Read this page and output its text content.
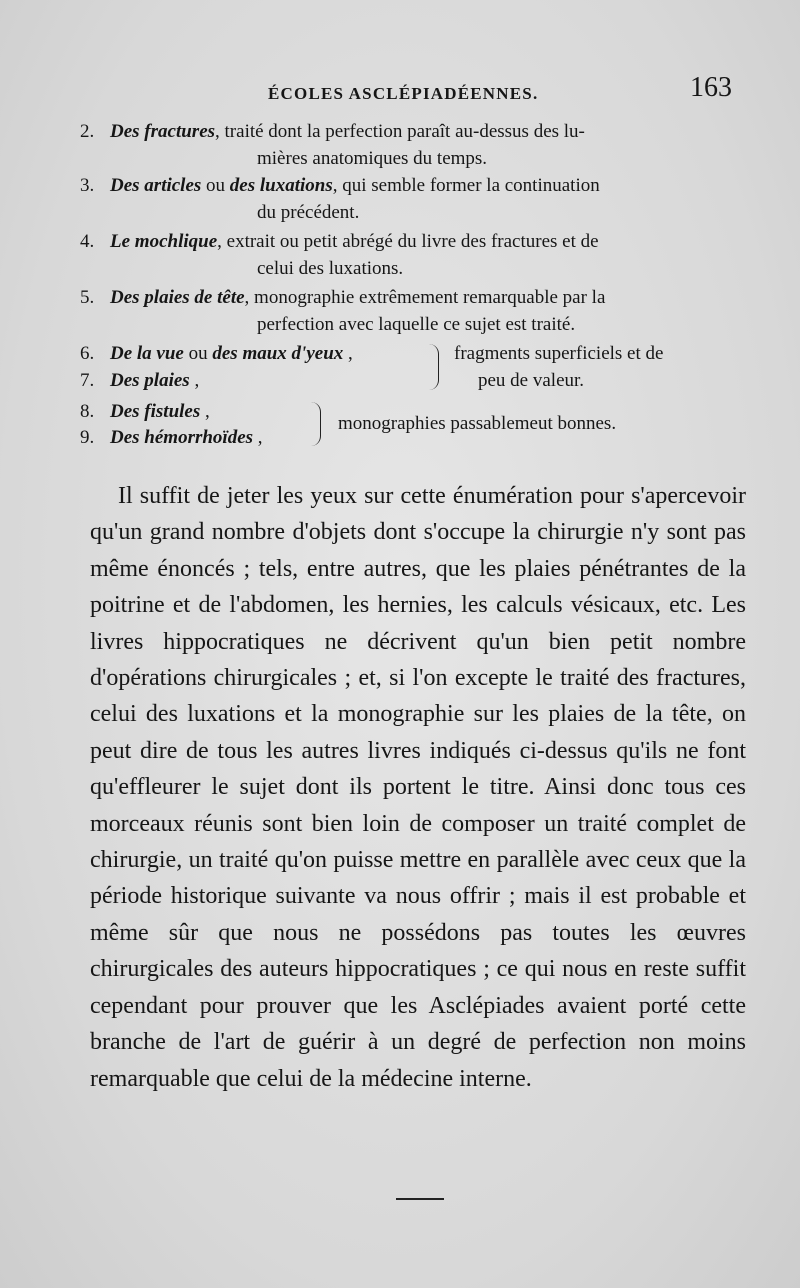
ÉCOLES ASCLÉPIADÉENNES.	163
2. Des fractures, traité dont la perfection paraît au-dessus des lu-
mières anatomiques du temps.
3. Des articles ou des luxations, qui semble former la continuation
du précédent.
4. Le mochlique, extrait ou petit abrégé du livre des fractures et de
celui des luxations.
5. Des plaies de tête, monographie extrêmement remarquable par la
perfection avec laquelle ce sujet est traité.
6. De la vue ou des maux d'yeux ,
7. Des plaies ,
fragments superficiels et de
peu de valeur.
8. Des fistules ,
9. Des hémorrhoïdes ,
monographies passablemeut bonnes.

Il suffit de jeter les yeux sur cette énumération pour s'apercevoir qu'un grand nombre d'objets dont s'occupe la chirurgie n'y sont pas même énoncés ; tels, entre autres, que les plaies pénétrantes de la poitrine et de l'abdomen, les hernies, les calculs vésicaux, etc. Les livres hippocratiques ne décrivent qu'un bien petit nombre d'opérations chirurgicales ; et, si l'on excepte le traité des fractures, celui des luxations et la monographie sur les plaies de la tête, on peut dire de tous les autres livres indiqués ci-dessus qu'ils ne font qu'effleurer le sujet dont ils portent le titre. Ainsi donc tous ces morceaux réunis sont bien loin de composer un traité complet de chirurgie, un traité qu'on puisse mettre en parallèle avec ceux que la période historique suivante va nous offrir ; mais il est probable et même sûr que nous ne possédons pas toutes les œuvres chirurgicales des auteurs hippocratiques ; ce qui nous en reste suffit cependant pour prouver que les Asclépiades avaient porté cette branche de l'art de guérir à un degré de perfection non moins remarquable que celui de la médecine interne.
